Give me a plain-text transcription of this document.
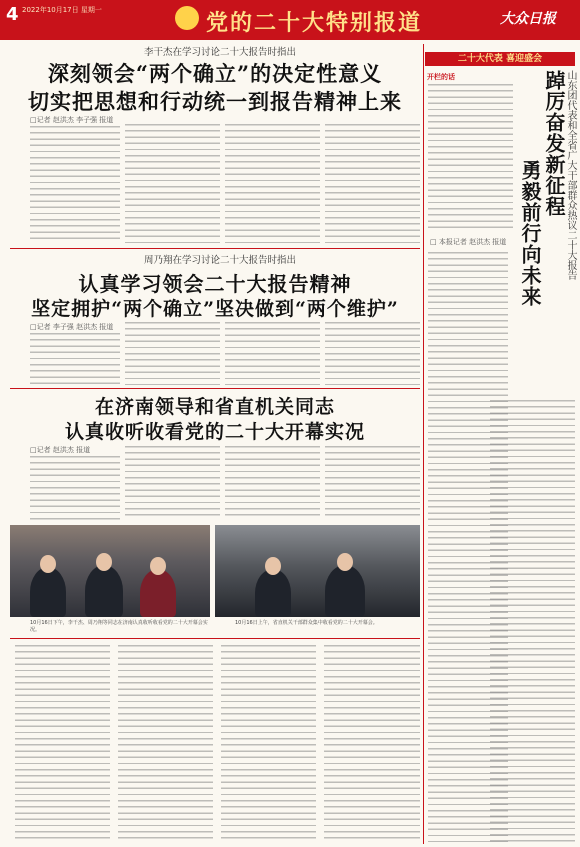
4 2022年10月17日 星期一	党的二十大特别报道	大众日报
李干杰在学习讨论二十大报告时指出
深刻领会“两个确立”的决定性意义
切实把思想和行动统一到报告精神上来
□记者 赵洪杰 李子强 报道
周乃翔在学习讨论二十大报告时指出
认真学习领会二十大报告精神
坚定拥护“两个确立”坚决做到“两个维护”
□记者 李子强 赵洪杰 报道
在济南领导和省直机关同志
认真收听收看党的二十大开幕实况
□记者 赵洪杰 报道
10月16日下午，李干杰、周乃翔等同志在济南认真收听收看党的二十大开幕会实况。
10月16日上午，省直机关干部群众集中收看党的二十大开幕会。
二十大代表 喜迎盛会
开栏的话	踔厉奋发新征程
勇毅前行向未来	山东团代表和全省广大干部群众热议二十大报告
□ 本报记者 赵洪杰 报道
